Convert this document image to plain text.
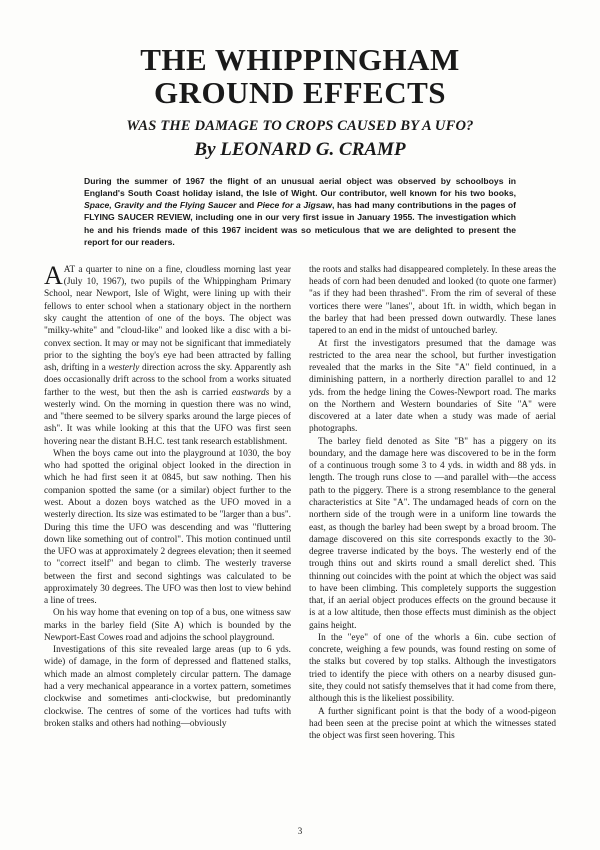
THE WHIPPINGHAM
GROUND EFFECTS
WAS THE DAMAGE TO CROPS CAUSED BY A UFO?
By LEONARD G. CRAMP
During the summer of 1967 the flight of an unusual aerial object was observed by schoolboys in England's South Coast holiday island, the Isle of Wight. Our contributor, well known for his two books, Space, Gravity and the Flying Saucer and Piece for a Jigsaw, has had many contributions in the pages of FLYING SAUCER REVIEW, including one in our very first issue in January 1955. The investigation which he and his friends made of this 1967 incident was so meticulous that we are delighted to present the report for our readers.

AAT a quarter to nine on a fine, cloudless morning last year (July 10, 1967), two pupils of the Whippingham Primary School, near Newport, Isle of Wight, were lining up with their fellows to enter school when a stationary object in the northern sky caught the attention of one of the boys. The object was "milky-white" and "cloud-like" and looked like a disc with a bi-convex section. It may or may not be significant that immediately prior to the sighting the boy's eye had been attracted by falling ash, drifting in a westerly direction across the sky. Apparently ash does occasionally drift across to the school from a works situated farther to the west, but then the ash is carried eastwards by a westerly wind. On the morning in question there was no wind, and "there seemed to be silvery sparks around the large pieces of ash". It was while looking at this that the UFO was first seen hovering near the distant B.H.C. test tank research establishment.

When the boys came out into the playground at 1030, the boy who had spotted the original object looked in the direction in which he had first seen it at 0845, but saw nothing. Then his companion spotted the same (or a similar) object further to the west. About a dozen boys watched as the UFO moved in a westerly direction. Its size was estimated to be "larger than a bus". During this time the UFO was descending and was "fluttering down like something out of control". This motion continued until the UFO was at approximately 2 degrees elevation; then it seemed to "correct itself" and began to climb. The westerly traverse between the first and second sightings was calculated to be approximately 30 degrees. The UFO was then lost to view behind a line of trees.

On his way home that evening on top of a bus, one witness saw marks in the barley field (Site A) which is bounded by the Newport-East Cowes road and adjoins the school playground.

Investigations of this site revealed large areas (up to 6 yds. wide) of damage, in the form of depressed and flattened stalks, which made an almost completely circular pattern. The damage had a very mechanical appearance in a vortex pattern, sometimes clockwise and sometimes anti-clockwise, but predominantly clockwise. The centres of some of the vortices had tufts with broken stalks and others had nothing—obviously

the roots and stalks had disappeared completely. In these areas the heads of corn had been denuded and looked (to quote one farmer) "as if they had been thrashed". From the rim of several of these vortices there were "lanes", about 1ft. in width, which began in the barley that had been pressed down outwardly. These lanes tapered to an end in the midst of untouched barley.

At first the investigators presumed that the damage was restricted to the area near the school, but further investigation revealed that the marks in the Site "A" field continued, in a diminishing pattern, in a northerly direction parallel to and 12 yds. from the hedge lining the Cowes-Newport road. The marks on the Northern and Western boundaries of Site "A" were discovered at a later date when a study was made of aerial photographs.

The barley field denoted as Site "B" has a piggery on its boundary, and the damage here was discovered to be in the form of a continuous trough some 3 to 4 yds. in width and 88 yds. in length. The trough runs close to —and parallel with—the access path to the piggery. There is a strong resemblance to the general characteristics at Site "A". The undamaged heads of corn on the northern side of the trough were in a uniform line towards the east, as though the barley had been swept by a broad broom. The damage discovered on this site corresponds exactly to the 30-degree traverse indicated by the boys. The westerly end of the trough thins out and skirts round a small derelict shed. This thinning out coincides with the point at which the object was said to have been climbing. This completely supports the suggestion that, if an aerial object produces effects on the ground because it is at a low altitude, then those effects must diminish as the object gains height.

In the "eye" of one of the whorls a 6in. cube section of concrete, weighing a few pounds, was found resting on some of the stalks but covered by top stalks. Although the investigators tried to identify the piece with others on a nearby disused gun-site, they could not satisfy themselves that it had come from there, although this is the likeliest possibility.

A further significant point is that the body of a wood-pigeon had been seen at the precise point at which the witnesses stated the object was first seen hovering. This

3
